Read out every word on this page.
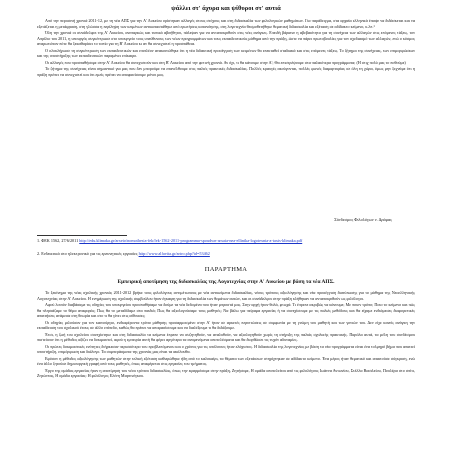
ψάλλει στ' άχυρα και ψίθυροι στ' αυτιά

Από την περυσινή χρονιά 2011-12, με τη νέα ΑΠΣ για την Α' Λυκείου ορίστηκαν αλλαγές στους στόχους και στη διδασκαλία των φιλολογικών μαθημάτων. Για παράδειγμα, στα αρχαία ελληνικά έπαψε να διδάσκεται και να εξετάζεται η μετάφραση, στη γλώσσα η περίληψη των κειμένων αντικαταστάθηκε από ερωτήσεις κατανόησης, στη λογοτεχνία θεσμοθετήθηκε θεματική διδασκαλία και εξέταση σε αδίδακτο κείμενο, κ.λπ.¹

Όλη την χρονιά οι συνάδελφοι της Α' Λυκείου, ανεπαρκώς και τυπικά αβοήθητοι, πάλεψαν για να ανταποκριθούν στις νέες ανάγκες. Επειδή βάραινε η αβεβαιότητα για τη συνέχεια των αλλαγών στις επόμενες τάξεις, τον Απρίλιο του 2011, η υπουργός συγκέντρωσε στο υπουργείο τους υπεύθυνους των νέων προγραμμάτων και τους εκπαιδευτικούς μάθημα από την πράξη, ώστε να πάρει πρωτοβουλίες για τον σχεδιασμό των αλλαγών, ενώ ο κόσμος αναρωτιόταν πότε θα ξεκαθαρίσει το τοπίο για τη Β' Λυκείου κι αν θα συνεχιστεί η προσπάθεια.

Ο ολοκλήρωσε τη συγκέντρωση των εκπαιδευτικών και επιπλέον ανακοινώθηκε ότι η νέα διδακτική προσέγγιση των κειμένων θα επεκταθεί σταδιακά και στις επόμενες τάξεις. Το ζήτημα της συνέχειας, των επιμορφώσεων και της υποστήριξης των εκπαιδευτικών παραμένει επίκαιρο.

Οι αλλαγές που προσπαθήσαμε στην Α' Λυκείου θα συνεχιστούν και στη Β' Λυκείου από την φετινή χρονιά. Αν όχι, τι θα κάνουμε στην Α'; Θα επιστρέψουμε στα παλαιότερα προγράμματα; (Η στιχ πολύ μας το ποθούμε)

Το ζήτημα της συνέχειας είναι σημαντικό για μας που δεν μπορούμε να επανέλθουμε στις παλιές πρακτικές διδασκαλίας. Πολλές κραυγές ακούγονται, πολλές φωνές διαμαρτυρίας σε όλη τη χώρα, όμως μην ξεχνάμε ότι η πράξη πρέπει να συνεχιστεί και ότι εμείς πρέπει να αποφασίσουμε μόνοι μας.

Σύνδεσμος Φιλολόγων ν. Δράμας
1. ΦΕΚ 1562, 27/6/2011 http://edu.klimaka.gr/arxeio/nomothesia-fek/fek-1562-2011-programma-spoudwn-arxaia-nea-ellinika-logotexnia-a-taxis-klimaka.pdf
2. Ενδεικτικά στο ηλεκτρονικό για τις ερευνητικές εργασίες http://www.alfavita.gr/artro.php?id=53462
ΠΑΡΑΡΤΗΜΑ
Εμπειρική αποτίμηση της διδασκαλίας της Λογοτεχνίας στην Α' Λυκείου με βάση τα νέα ΑΠΣ.

Το ξεκίνημα της νέας σχολικής χρονιάς 2011-2012 βρήκε τους φιλολόγους αντιμέτωπους με νέα αντικείμενα διδασκαλίας, νέους τρόπους αξιολόγησης και νέα προσέγγιση διατύπωσης για το μάθημα της Νεοελληνικής Λογοτεχνίας στην Α' Λυκείου. Η ενημέρωση της σχολικής συμβούλου ήταν έγκαιρη για τη διδασκαλία των θεμάτων αυτών, και οι συνάδελφοι στην πράξη κλήθηκαν να ανταποκριθούν ως φιλόλογοι.

Αφού λοιπόν διαβάσαμε τις οδηγίες του υπουργείου προσπαθήσαμε να δούμε τα νέα δεδομένα που ήταν μπροστά μας. Στην αρχή ήταν θολά, φτωχά. Τι έπρεπε ακριβώς να κάνουμε; Με ποιον τρόπο; Ποιο το κείμενο και πώς θα πλησιάζαμε το θέμα αναφοράς; Πως θα το μεταδίδαμε στα παιδιά; Πως θα αξιολογούσαμε τους μαθητές; Να βάλω για πείραμα εργασίες ή να συνεχίσουμε με τις παλιές μεθόδους και θα είχαμε ενδιάμεσες διαφορετικές απαιτήσεις ανάμεσα στη θεωρία και στο τι θα γίνει στις αίθουσες;

Οι οδηγίες μιλούσαν για τον καινούργιο, ενδιαφέροντα τρόπο μάθησης προσαρμοσμένο στην Α' ήταν σε αρκετές περιπτώσεις σε συμφωνία με τη γνώμη του μαθητή και των γονιών του. Δεν είχε κανείς ανάγκη την εκπαίδευση του σχολικού έτους σε άλλο επίπεδο, καθώς θα πρέπει να αποφασίσουμε και να διαλέξουμε τι θα διδάξουμε.

Έτσι, η ζωή του σχολείου συνεχίστηκε και στη διδασκαλία τα κείμενα έπρεπε να συζητηθούν, να αναλυθούν, να αξιολογηθούν χωρίς τη στήριξη της παλιάς σχολικής πρακτικής. Παρόλα αυτά, τα μέλη του συνδέσμου πιστεύουν ότι η μέθοδος αξίζει να δοκιμαστεί, αφού η εμπειρία αυτή θα φέρει αργότερα τα αναμενόμενα αποτελέσματα και θα διορθώσει τις τυχόν αδυναμίες.

Οι πρώτες δοκιμαστικές ενότητες διήρκεσαν περισσότερο του προβλεπόμενου και ο χρόνος για τις υπόλοιπες ήταν ελάχιστος. Η διδασκαλία της λογοτεχνίας με βάση τα νέα προγράμματα είναι ένα τολμηρό βήμα που απαιτεί υποστήριξη, επιμόρφωση και διάλογο. Τα συμπεράσματα της χρονιάς μας είναι τα ακόλουθα.

Εφόσον η μέθοδος αξιολόγησης των μαθητών στην τελική εξέταση καθιερώθηκε ήδη από το καλοκαίρι, τα θέματα των εξετάσεων στηρίχτηκαν σε αδίδακτο κείμενο. Ένα μέρος ήταν θεματικό και απαιτούσε σύγκριση, ενώ ένα άλλο ζητούσε δημιουργική γραφή από τους μαθητές, όπως αναφέρεται στις εργασίες του τμήματος.

Έργο της ομάδας εργασίας ήταν η αποτίμηση του νέου τρόπου διδασκαλίας, όπως την εφαρμόσαμε στην πράξη, Ζητήσαμε, Η ομάδα αποτελείται από τις φιλολόγους Ιωάννα Αντωνίου, Στέλλα Βασιλείου, Πουλέρα στο σπίτι, Ζητώντας, Η ομάδα εργασίας: Η φιλόλογος Ελένη Μαρτινέγκου.
